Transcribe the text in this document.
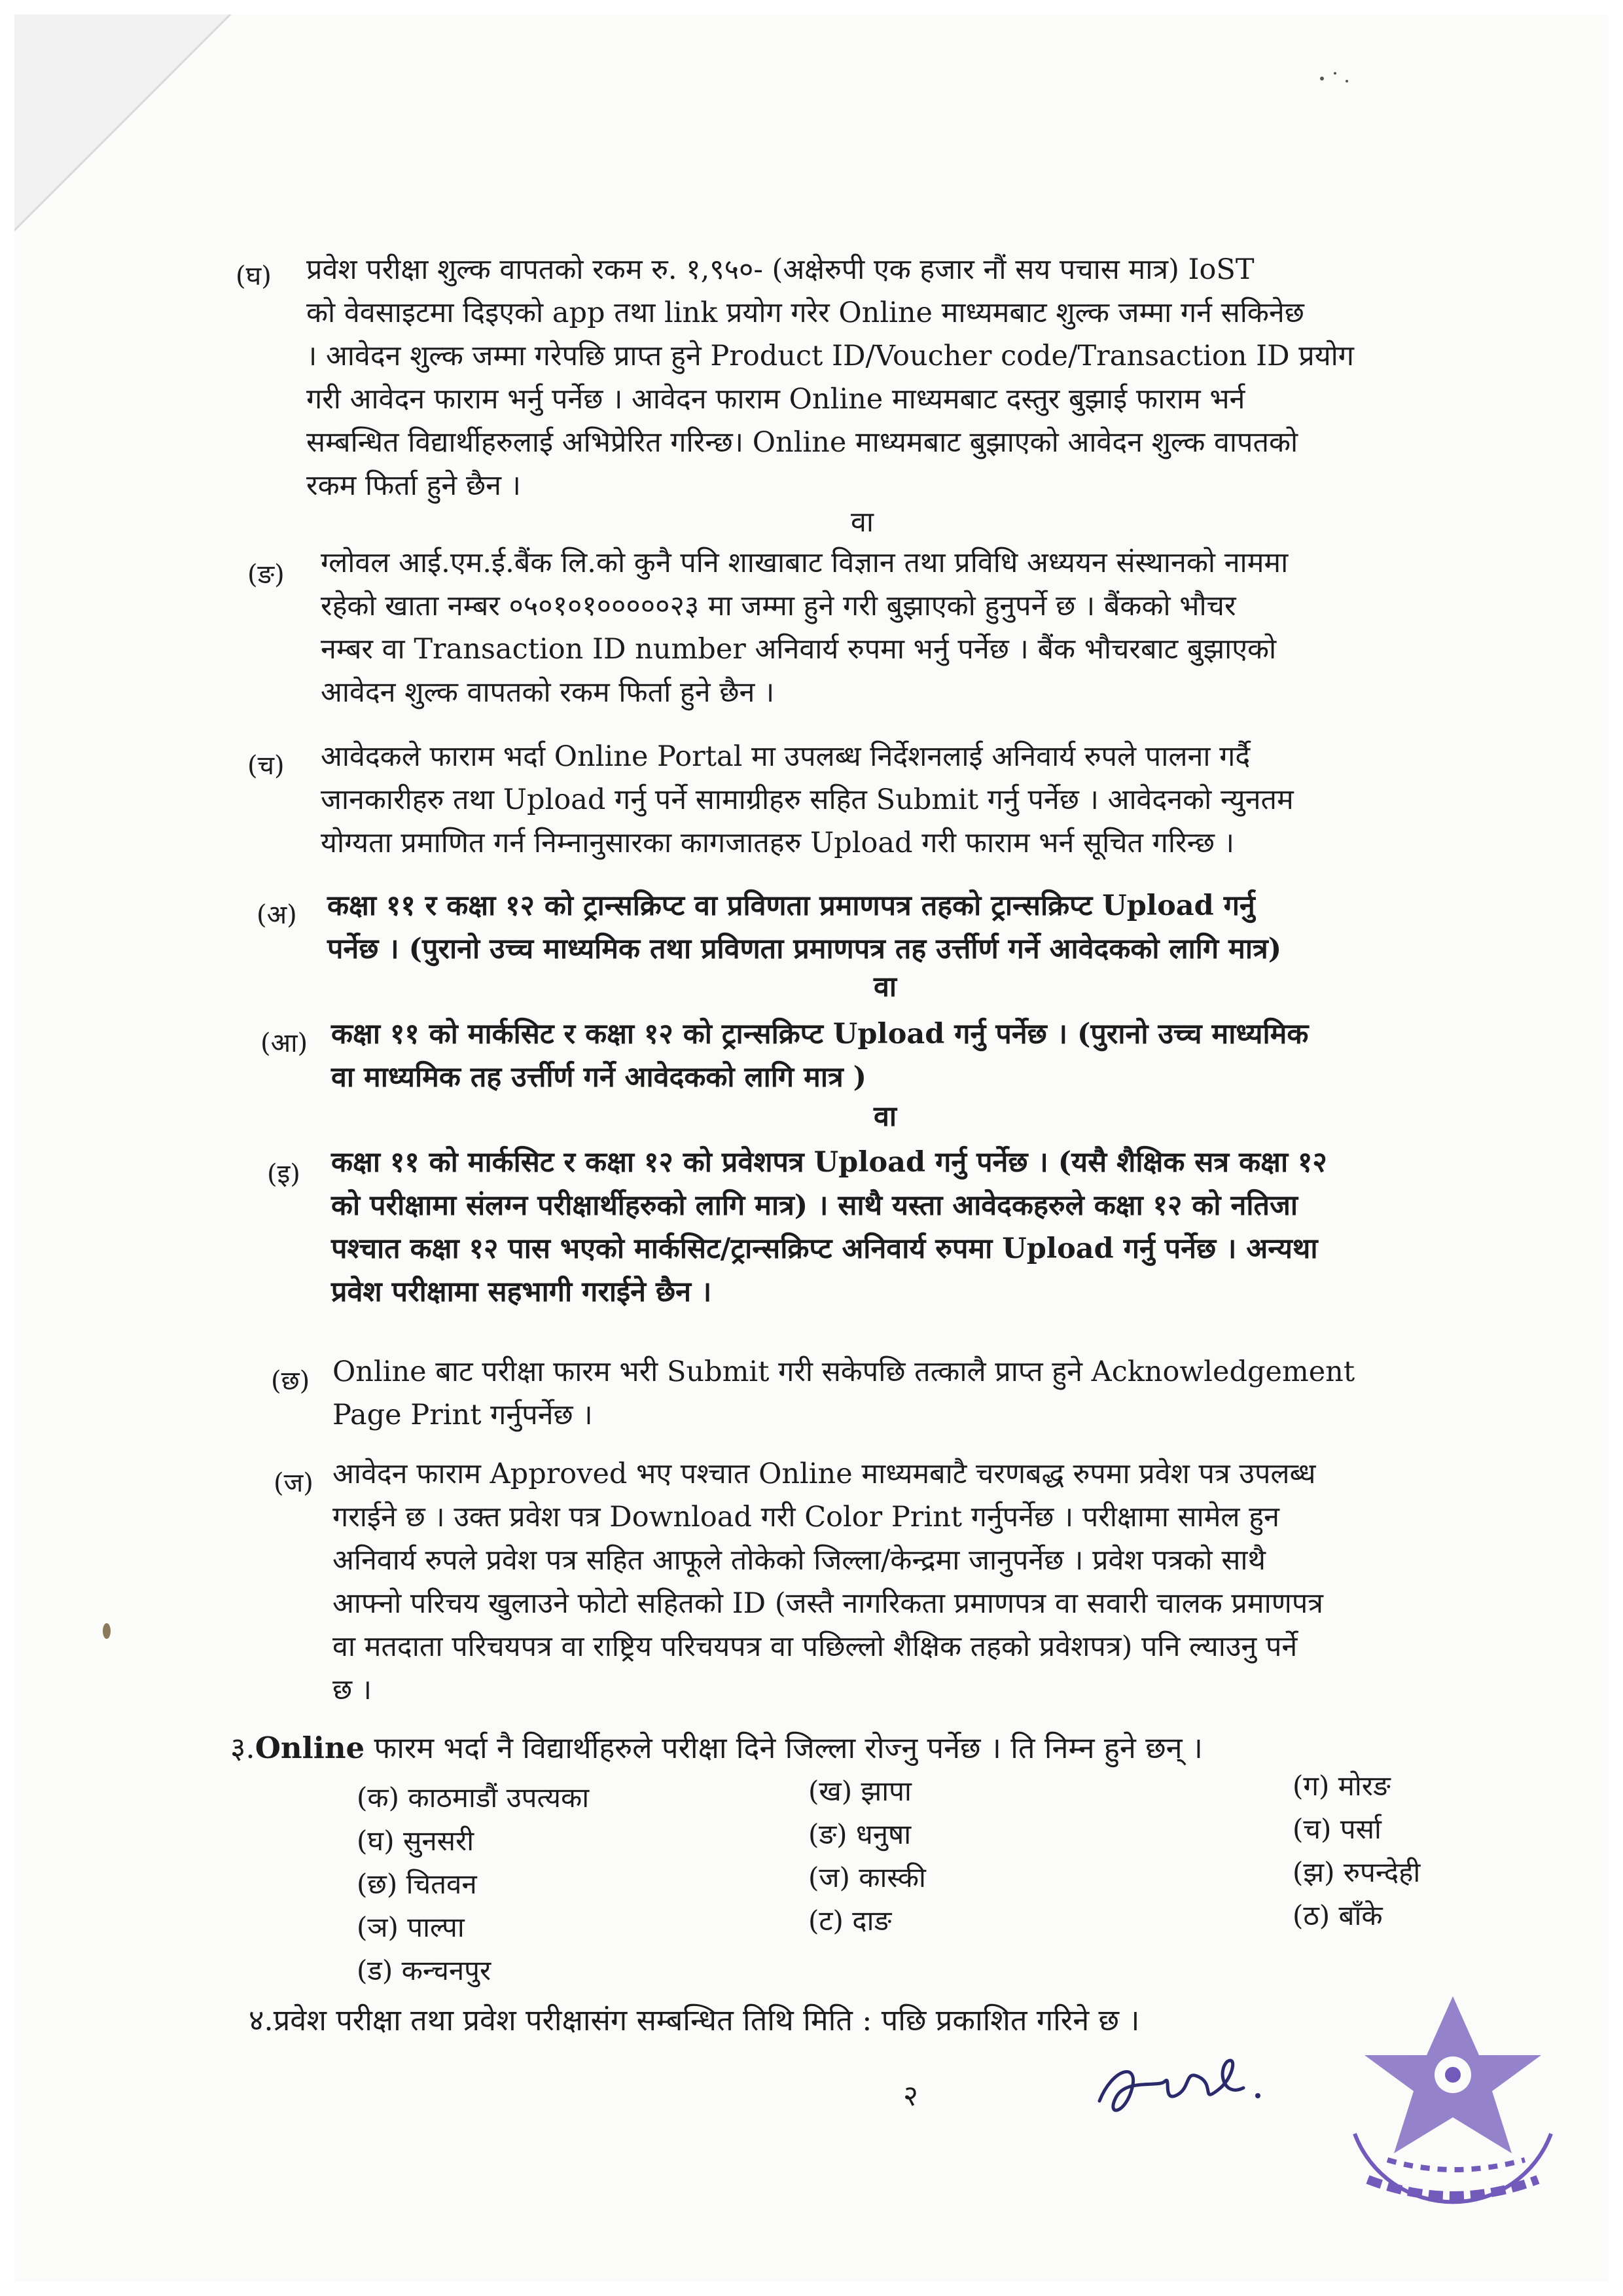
(घ) प्रवेश परीक्षा शुल्क वापतको रकम रु. १,९५०- (अक्षेरुपी एक हजार नौं सय पचास मात्र) IoST
को वेवसाइटमा दिइएको app तथा link प्रयोग गरेर Online माध्यमबाट शुल्क जम्मा गर्न सकिनेछ
। आवेदन शुल्क जम्मा गरेपछि प्राप्त हुने Product ID/Voucher code/Transaction ID प्रयोग
गरी आवेदन फाराम भर्नु पर्नेछ । आवेदन फाराम Online माध्यमबाट दस्तुर बुझाई फाराम भर्न
सम्बन्धित विद्यार्थीहरुलाई अभिप्रेरित गरिन्छ। Online माध्यमबाट बुझाएको आवेदन शुल्क वापतको
रकम फिर्ता हुने छैन ।
वा
(ङ) ग्लोवल आई.एम.ई.बैंक लि.को कुनै पनि शाखाबाट विज्ञान तथा प्रविधि अध्ययन संस्थानको नाममा
रहेको खाता नम्बर ०५०१०१०००००२३ मा जम्मा हुने गरी बुझाएको हुनुपर्ने छ । बैंकको भौचर
नम्बर वा Transaction ID number अनिवार्य रुपमा भर्नु पर्नेछ । बैंक भौचरबाट बुझाएको
आवेदन शुल्क वापतको रकम फिर्ता हुने छैन ।
(च) आवेदकले फाराम भर्दा Online Portal मा उपलब्ध निर्देशनलाई अनिवार्य रुपले पालना गर्दै
जानकारीहरु तथा Upload गर्नु पर्ने सामाग्रीहरु सहित Submit गर्नु पर्नेछ । आवेदनको न्युनतम
योग्यता प्रमाणित गर्न निम्नानुसारका कागजातहरु Upload गरी फाराम भर्न सूचित गरिन्छ ।
(अ) कक्षा ११ र कक्षा १२ को ट्रान्सक्रिप्ट वा प्रविणता प्रमाणपत्र तहको ट्रान्सक्रिप्ट Upload गर्नु
पर्नेछ । (पुरानो उच्च माध्यमिक तथा प्रविणता प्रमाणपत्र तह उर्त्तीर्ण गर्ने आवेदकको लागि मात्र)
वा
(आ) कक्षा ११ को मार्कसिट र कक्षा १२ को ट्रान्सक्रिप्ट Upload गर्नु पर्नेछ । (पुरानो उच्च माध्यमिक
वा माध्यमिक तह उर्त्तीर्ण गर्ने आवेदकको लागि मात्र )
वा
(इ) कक्षा ११ को मार्कसिट र कक्षा १२ को प्रवेशपत्र Upload गर्नु पर्नेछ । (यसै शैक्षिक सत्र कक्षा १२
को परीक्षामा संलग्न परीक्षार्थीहरुको लागि मात्र) । साथै यस्ता आवेदकहरुले कक्षा १२ को नतिजा
पश्चात कक्षा १२ पास भएको मार्कसिट/ट्रान्सक्रिप्ट अनिवार्य रुपमा Upload गर्नु पर्नेछ । अन्यथा
प्रवेश परीक्षामा सहभागी गराईने छैन ।
(छ) Online बाट परीक्षा फारम भरी Submit गरी सकेपछि तत्कालै प्राप्त हुने Acknowledgement
Page Print गर्नुपर्नेछ ।
(ज) आवेदन फाराम Approved भए पश्चात Online माध्यमबाटै चरणबद्ध रुपमा प्रवेश पत्र उपलब्ध
गराईने छ । उक्त प्रवेश पत्र Download गरी Color Print गर्नुपर्नेछ । परीक्षामा सामेल हुन
अनिवार्य रुपले प्रवेश पत्र सहित आफूले तोकेको जिल्ला/केन्द्रमा जानुपर्नेछ । प्रवेश पत्रको साथै
आफ्नो परिचय खुलाउने फोटो सहितको ID (जस्तै नागरिकता प्रमाणपत्र वा सवारी चालक प्रमाणपत्र
वा मतदाता परिचयपत्र वा राष्ट्रिय परिचयपत्र वा पछिल्लो शैक्षिक तहको प्रवेशपत्र) पनि ल्याउनु पर्ने
छ ।
३.Online फारम भर्दा नै विद्यार्थीहरुले परीक्षा दिने जिल्ला रोज्नु पर्नेछ । ति निम्न हुने छन् ।
(क) काठमाडौं उपत्यका	(ख) झापा	(ग) मोरङ
(घ) सुनसरी	(ङ) धनुषा	(च) पर्सा
(छ) चितवन	(ज) कास्की	(झ) रुपन्देही
(ञ) पाल्पा	(ट) दाङ	(ठ) बाँके
(ड) कन्चनपुर
४.प्रवेश परीक्षा तथा प्रवेश परीक्षासंग सम्बन्धित तिथि मिति : पछि प्रकाशित गरिने छ ।
२
